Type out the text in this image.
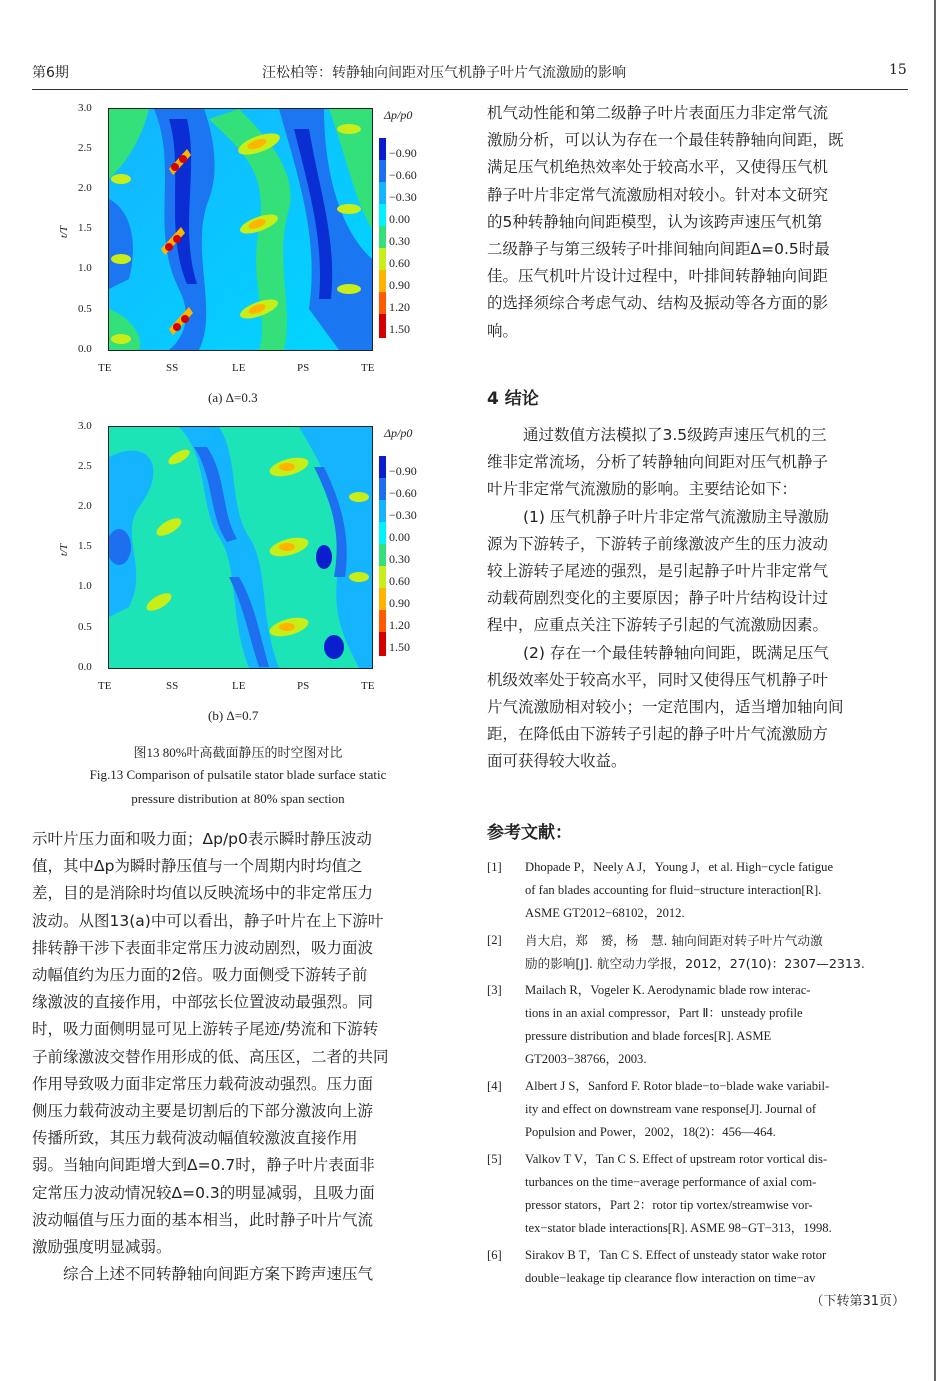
第6期	汪松柏等：转静轴向间距对压气机静子叶片气流激励的影响	15
t/T
3.0
2.5
2.0
1.5
1.0
0.5
0.0
TE	SS	LE	PS	TE
Δp/p0
−0.90
−0.60
−0.30
0.00
0.30
0.60
0.90
1.20
1.50
(a) Δ=0.3
t/T
3.0
2.5
2.0
1.5
1.0
0.5
0.0
TE	SS	LE	PS	TE
Δp/p0
−0.90
−0.60
−0.30
0.00
0.30
0.60
0.90
1.20
1.50
(b) Δ=0.7
图13 80%叶高截面静压的时空图对比
Fig.13 Comparison of pulsatile stator blade surface static
pressure distribution at 80% span section
示叶片压力面和吸力面；Δp/p0表示瞬时静压波动
值，其中Δp为瞬时静压值与一个周期内时均值之
差，目的是消除时均值以反映流场中的非定常压力
波动。从图13(a)中可以看出，静子叶片在上下游叶
排转静干涉下表面非定常压力波动剧烈，吸力面波
动幅值约为压力面的2倍。吸力面侧受下游转子前
缘激波的直接作用，中部弦长位置波动最强烈。同
时，吸力面侧明显可见上游转子尾迹/势流和下游转
子前缘激波交替作用形成的低、高压区，二者的共同
作用导致吸力面非定常压力载荷波动强烈。压力面
侧压力载荷波动主要是切割后的下部分激波向上游
传播所致，其压力载荷波动幅值较激波直接作用
弱。当轴向间距增大到Δ=0.7时，静子叶片表面非
定常压力波动情况较Δ=0.3的明显减弱，且吸力面
波动幅值与压力面的基本相当，此时静子叶片气流
激励强度明显减弱。
综合上述不同转静轴向间距方案下跨声速压气
机气动性能和第二级静子叶片表面压力非定常气流
激励分析，可以认为存在一个最佳转静轴向间距，既
满足压气机绝热效率处于较高水平，又使得压气机
静子叶片非定常气流激励相对较小。针对本文研究
的5种转静轴向间距模型，认为该跨声速压气机第
二级静子与第三级转子叶排间轴向间距Δ=0.5时最
佳。压气机叶片设计过程中，叶排间转静轴向间距
的选择须综合考虑气动、结构及振动等各方面的影
响。
4 结论
通过数值方法模拟了3.5级跨声速压气机的三
维非定常流场，分析了转静轴向间距对压气机静子
叶片非定常气流激励的影响。主要结论如下：
(1) 压气机静子叶片非定常气流激励主导激励
源为下游转子，下游转子前缘激波产生的压力波动
较上游转子尾迹的强烈，是引起静子叶片非定常气
动载荷剧烈变化的主要原因；静子叶片结构设计过
程中，应重点关注下游转子引起的气流激励因素。
(2) 存在一个最佳转静轴向间距，既满足压气
机级效率处于较高水平，同时又使得压气机静子叶
片气流激励相对较小；一定范围内，适当增加轴向间
距，在降低由下游转子引起的静子叶片气流激励方
面可获得较大收益。
参考文献：
[1] Dhopade P，Neely A J，Young J，et al. High−cycle fatigue
of fan blades accounting for fluid−structure interaction[R].
ASME GT2012−68102，2012.
[2] 肖大启，郑　赟，杨　慧. 轴向间距对转子叶片气动激
励的影响[J]. 航空动力学报，2012，27(10)：2307—2313.
[3] Mailach R，Vogeler K. Aerodynamic blade row interac-
tions in an axial compressor，Part Ⅱ：unsteady profile
pressure distribution and blade forces[R]. ASME
GT2003−38766，2003.
[4] Albert J S，Sanford F. Rotor blade−to−blade wake variabil-
ity and effect on downstream vane response[J]. Journal of
Populsion and Power，2002，18(2)：456—464.
[5] Valkov T V，Tan C S. Effect of upstream rotor vortical dis-
turbances on the time−average performance of axial com-
pressor stators，Part 2：rotor tip vortex/streamwise vor-
tex−stator blade interactions[R]. ASME 98−GT−313，1998.
[6] Sirakov B T，Tan C S. Effect of unsteady stator wake rotor
double−leakage tip clearance flow interaction on time−av
（下转第31页）
